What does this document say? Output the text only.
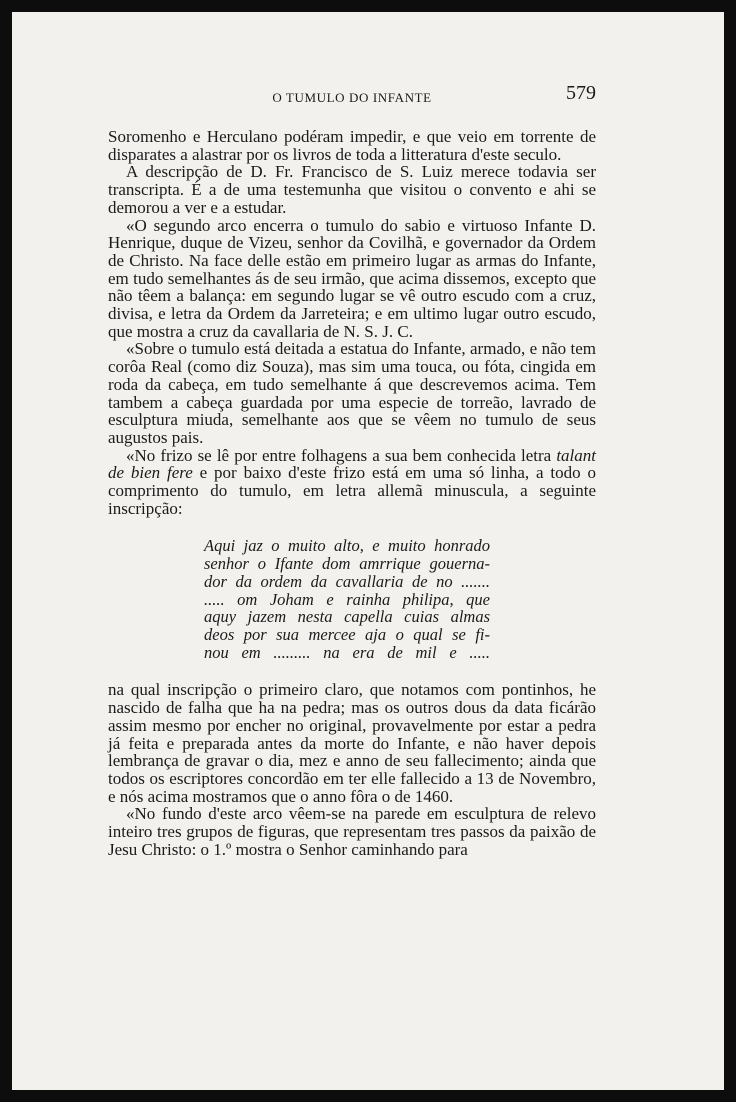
O TUMULO DO INFANTE	579

Soromenho e Herculano podéram impedir, e que veio em torrente de disparates a alastrar por os livros de toda a litteratura d'este seculo.

A descripção de D. Fr. Francisco de S. Luiz merece todavia ser transcripta. É a de uma testemunha que visitou o convento e ahi se demorou a ver e a estudar.

«O segundo arco encerra o tumulo do sabio e virtuoso Infante D. Henrique, duque de Vizeu, senhor da Covilhã, e governador da Ordem de Christo. Na face delle estão em primeiro lugar as armas do Infante, em tudo semelhantes ás de seu irmão, que acima dissemos, excepto que não têem a balança: em segundo lugar se vê outro escudo com a cruz, divisa, e letra da Ordem da Jarreteira; e em ultimo lugar outro escudo, que mostra a cruz da cavallaria de N. S. J. C.

«Sobre o tumulo está deitada a estatua do Infante, armado, e não tem corôa Real (como diz Souza), mas sim uma touca, ou fóta, cingida em roda da cabeça, em tudo semelhante á que descrevemos acima. Tem tambem a cabeça guardada por uma especie de torreão, lavrado de esculptura miuda, semelhante aos que se vêem no tumulo de seus augustos pais.

«No frizo se lê por entre folhagens a sua bem conhecida letra talant de bien fere e por baixo d'este frizo está em uma só linha, a todo o comprimento do tumulo, em letra allemã minuscula, a seguinte inscripção:

Aqui jaz o muito alto, e muito honrado
senhor o Ifante dom amrrique gouerna-
dor da ordem da cavallaria de no .......
..... om Joham e rainha philipa, que
aquy jazem nesta capella cuias almas
deos por sua mercee aja o qual se fi-
nou em ......... na era de mil e .....

na qual inscripção o primeiro claro, que notamos com pontinhos, he nascido de falha que ha na pedra; mas os outros dous da data ficárão assim mesmo por encher no original, provavelmente por estar a pedra já feita e preparada antes da morte do Infante, e não haver depois lembrança de gravar o dia, mez e anno de seu fallecimento; ainda que todos os escriptores concordão em ter elle fallecido a 13 de Novembro, e nós acima mostramos que o anno fôra o de 1460.

«No fundo d'este arco vêem-se na parede em esculptura de relevo inteiro tres grupos de figuras, que representam tres passos da paixão de Jesu Christo: o 1.º mostra o Senhor caminhando para
